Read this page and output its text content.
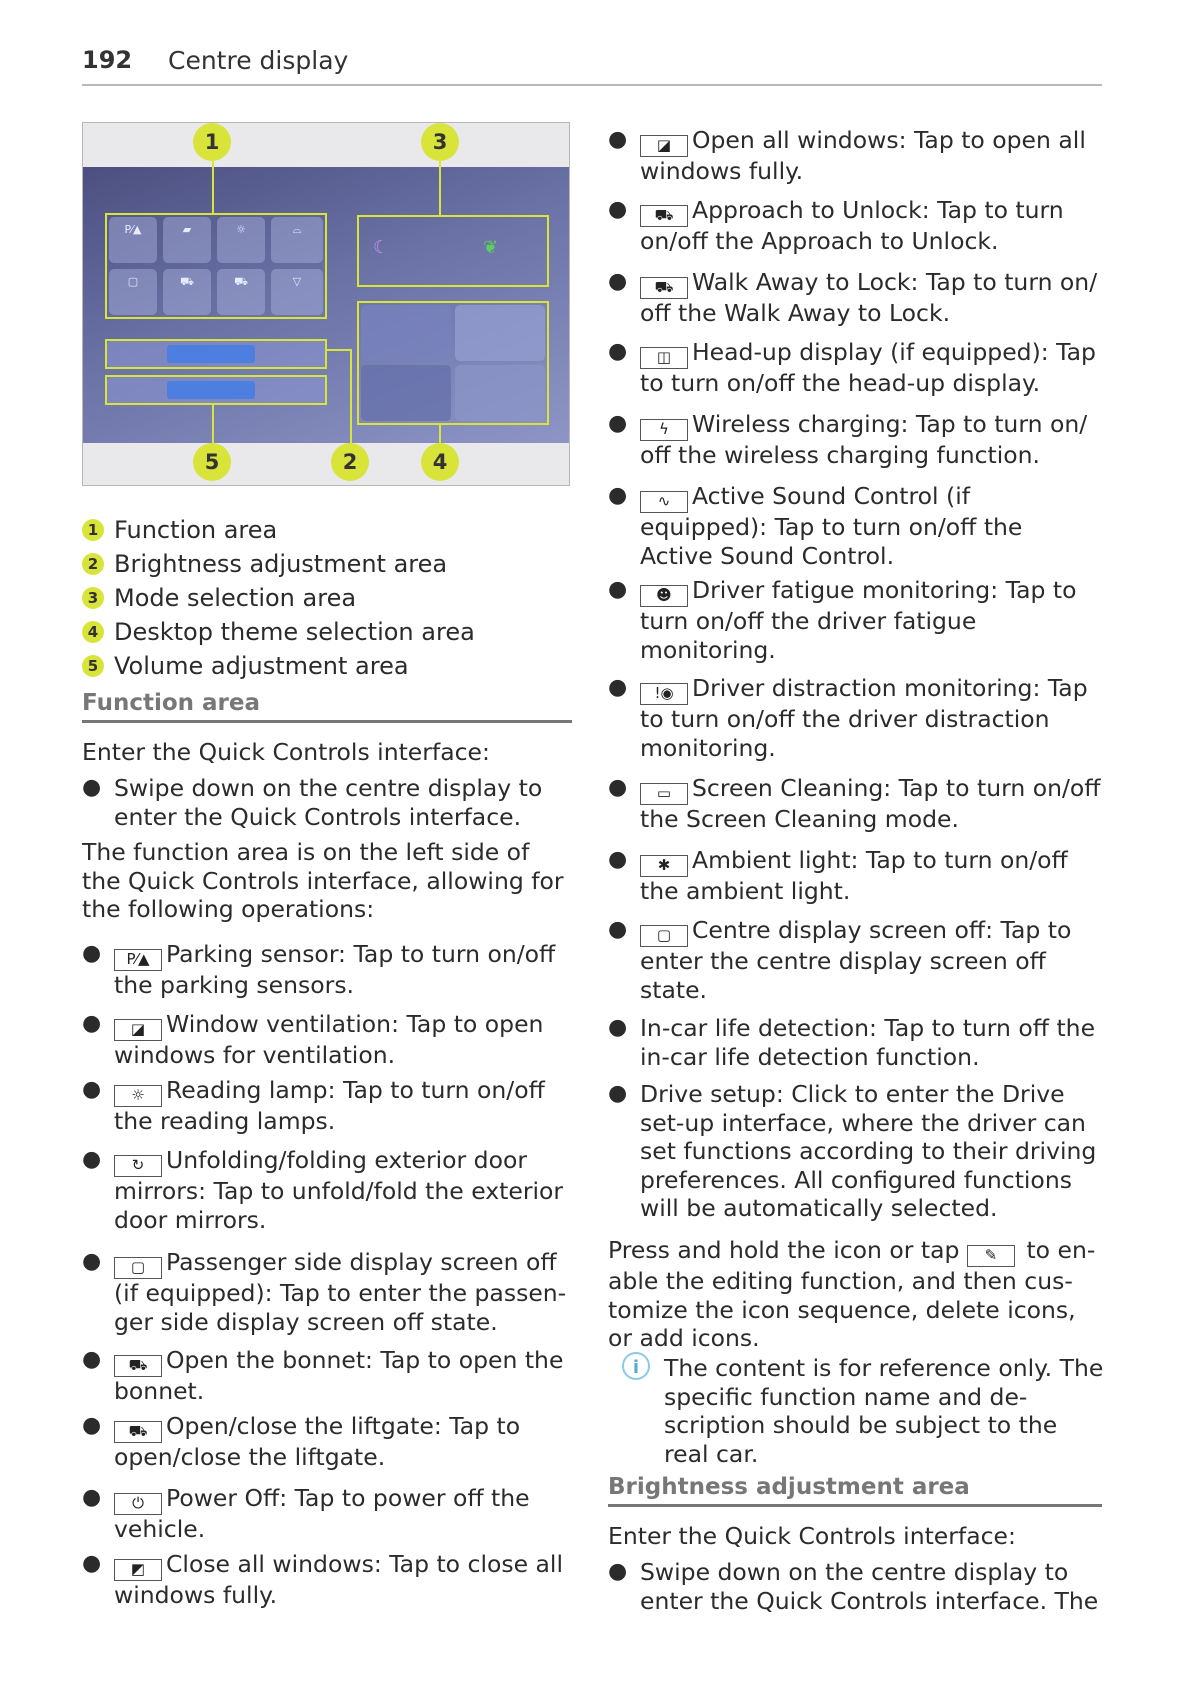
192 Centre display
P⁄▲	▰	☼	⌓
▢	⛟	⛟	▽
☾	❦
1	3
5	2	4
1 Function area
2 Brightness adjustment area
3 Mode selection area
4 Desktop theme selection area
5 Volume adjustment area
Function area
Enter the Quick Controls interface:
● Swipe down on the centre display to enter the Quick Controls interface.
The function area is on the left side of the Quick Controls interface, allowing for the following operations:
● P⁄▲ Parking sensor: Tap to turn on/off the parking sensors.
● ◪ Window ventilation: Tap to open windows for ventilation.
● ☼ Reading lamp: Tap to turn on/off the reading lamps.
● ↻ Unfolding/folding exterior door mirrors: Tap to unfold/fold the exterior door mirrors.
● ▢ Passenger side display screen off (if equipped): Tap to enter the passen-ger side display screen off state.
● ⛟ Open the bonnet: Tap to open the bonnet.
● ⛟ Open/close the liftgate: Tap to open/close the liftgate.
● ⏻ Power Off: Tap to power off the vehicle.
● ◩ Close all windows: Tap to close all windows fully.
● ◪ Open all windows: Tap to open all windows fully.
● ⛟ Approach to Unlock: Tap to turn on/off the Approach to Unlock.
● ⛟ Walk Away to Lock: Tap to turn on/ off the Walk Away to Lock.
● ◫ Head-up display (if equipped): Tap to turn on/off the head-up display.
● ϟ Wireless charging: Tap to turn on/ off the wireless charging function.
● ∿ Active Sound Control (if equipped): Tap to turn on/off the Active Sound Control.
● ☻ Driver fatigue monitoring: Tap to turn on/off the driver fatigue monitoring.
● !◉ Driver distraction monitoring: Tap to turn on/off the driver distraction monitoring.
● ▭ Screen Cleaning: Tap to turn on/off the Screen Cleaning mode.
● ✱ Ambient light: Tap to turn on/off the ambient light.
● ▢ Centre display screen off: Tap to enter the centre display screen off state.
● In-car life detection: Tap to turn off the in-car life detection function.
● Drive setup: Click to enter the Drive set-up interface, where the driver can set functions according to their driving preferences. All configured functions will be automatically selected.
Press and hold the icon or tap ✎ to en-able the editing function, and then cus-tomize the icon sequence, delete icons, or add icons.
i	The content is for reference only. The specific function name and de-scription should be subject to the real car.
Brightness adjustment area
Enter the Quick Controls interface:
● Swipe down on the centre display to enter the Quick Controls interface. The
